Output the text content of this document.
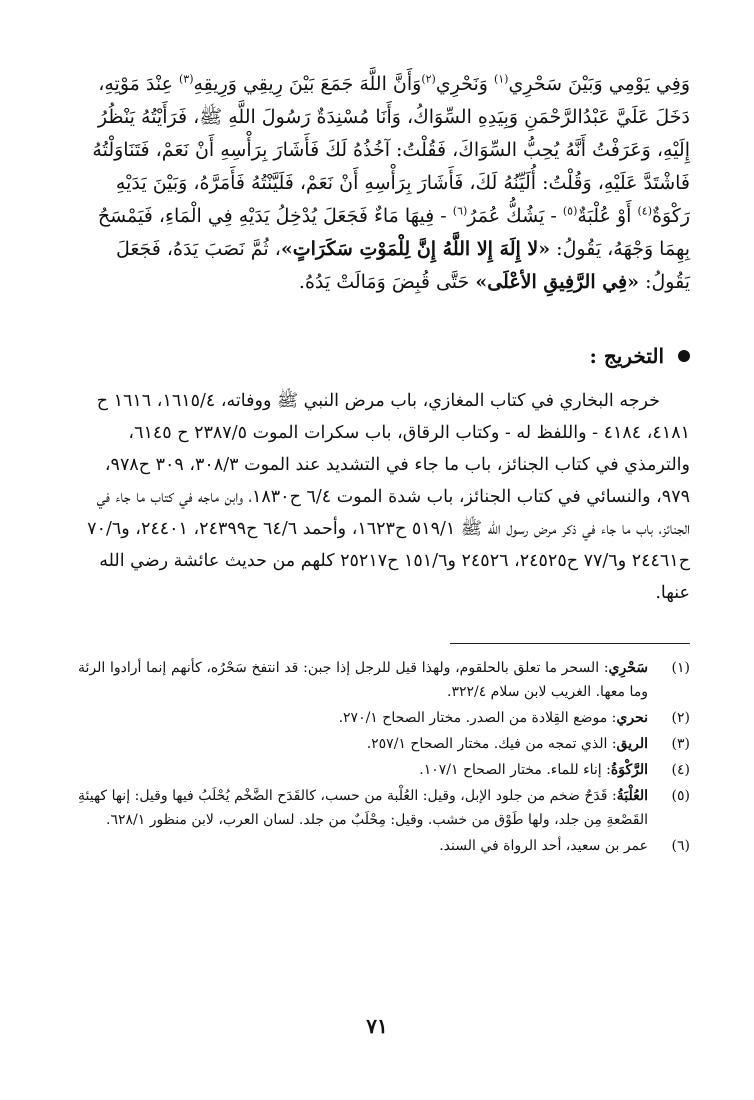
وَفِي يَوْمِي وَبَيْنَ سَحْرِي$^{(١)}$ وَنَحْرِي$^{(٢)}$وَأَنَّ اللَّهَ جَمَعَ بَيْنَ رِيقِي وَرِيقِهِ$^{(٣)}$ عِنْدَ مَوْتِهِ، دَخَلَ عَلَيَّ عَبْدُالرَّحْمَنِ وَبِيَدِهِ السِّوَاكُ، وَأَنَا مُسْنِدَةٌ رَسُولَ اللَّهِ ﷺ، فَرَأَيْتُهُ يَنْظُرُ إِلَيْهِ، وَعَرَفْتُ أَنَّهُ يُحِبُّ السِّوَاكَ، فَقُلْتُ: آخُذُهُ لَكَ فَأَشَارَ بِرَأْسِهِ أَنْ نَعَمْ، فَتَنَاوَلْتُهُ فَاشْتَدَّ عَلَيْهِ، وَقُلْتُ: أُلَيِّنُهُ لَكَ، فَأَشَارَ بِرَأْسِهِ أَنْ نَعَمْ، فَلَيَّنْتُهُ فَأَمَرَّهُ، وَبَيْنَ يَدَيْهِ رَكْوَةٌ$^{(٤)}$ أَوْ عُلْبَةٌ$^{(٥)}$ - يَشُكُّ عُمَرُ$^{(٦)}$ - فِيهَا مَاءٌ فَجَعَلَ يُدْخِلُ يَدَيْهِ فِي الْمَاءِ، فَيَمْسَحُ بِهِمَا وَجْهَهُ، يَقُولُ: «لا إِلَهَ إِلا اللَّهُ إِنَّ لِلْمَوْتِ سَكَرَاتٍ»، ثُمَّ نَصَبَ يَدَهُ، فَجَعَلَ يَقُولُ: «فِي الرَّفِيقِ الأعْلَى» حَتَّى قُبِضَ وَمَالَتْ يَدُهُ.

التخريج :

خرجه البخاري في كتاب المغازي، باب مرض النبي ﷺ ووفاته، ١٦١٥/٤، ١٦١٦ ح ٤١٨١، ٤١٨٤ - واللفظ له - وكتاب الرقاق، باب سكرات الموت ٢٣٨٧/٥ ح ٦١٤٥، والترمذي في كتاب الجنائز، باب ما جاء في التشديد عند الموت ٣٠٨/٣، ٣٠٩ ح٩٧٨، ٩٧٩، والنسائي في كتاب الجنائز، باب شدة الموت ٦/٤ ح١٨٣٠، وابن ماجه في كتاب ما جاء في الجنائز، باب ما جاء في ذكر مرض رسول الله ﷺ ٥١٩/١ ح١٦٢٣، وأحمد ٦٤/٦ ح٢٤٣٩٩، ٢٤٤٠١، و٧٠/٦ ح٢٤٤٦١ و٧٧/٦ ح٢٤٥٢٥، ٢٤٥٢٦ و١٥١/٦ ح٢٥٢١٧ كلهم من حديث عائشة رضي الله عنها.

(١)
سَحْرِي: السحر ما تعلق بالحلقوم، ولهذا قيل للرجل إذا جبن: قد انتفخ سَحْرُه، كأنهم إنما أرادوا الرئة وما معها. الغريب لابن سلام ٣٢٢/٤.
(٢)
نحري: موضع القِلادة من الصدر. مختار الصحاح ٢٧٠/١.
(٣)
الريق: الذي تمجه من فيك. مختار الصحاح ٢٥٧/١.
(٤)
الرَّكْوَةُ: إناء للماء. مختار الصحاح ١٠٧/١.
(٥)
العُلْبَةُ: قَدَحٌ ضخم من جلود الإبل، وقيل: العُلْبة من حسب، كالقَدَح الضَّخْم يُحْلَبُ فيها وقيل: إنها كهيئةِ القَصْعةِ مِن جلد، ولها طَوْق من خشب. وقيل: مِحْلَبٌ من جلد. لسان العرب، لابن منظور ٦٢٨/١.
(٦)
عمر بن سعيد، أحد الرواة في السند.
٧١
